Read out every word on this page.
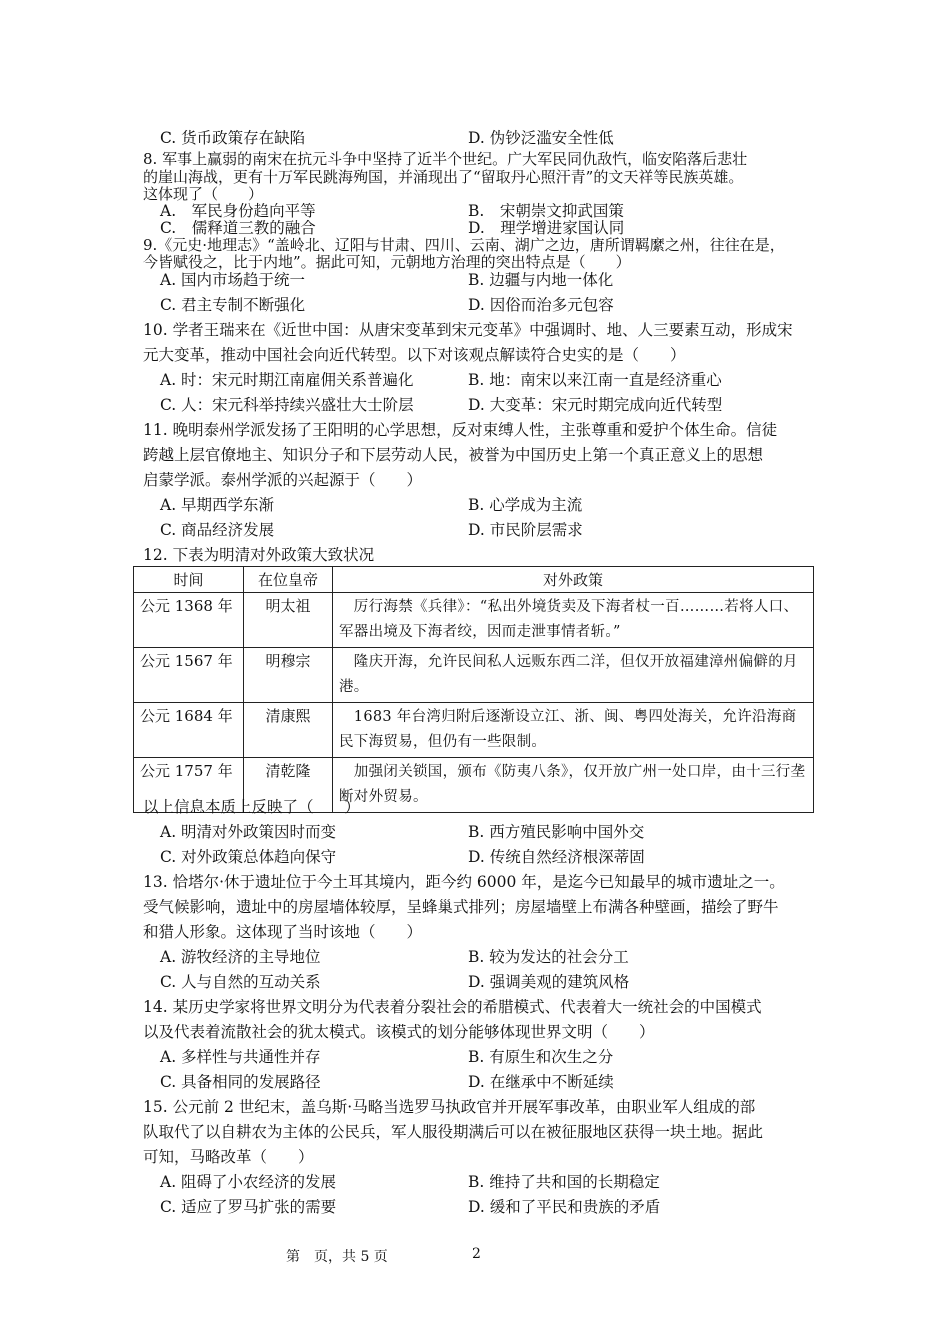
C. 货币政策存在缺陷	D. 伪钞泛滥安全性低
8. 军事上赢弱的南宋在抗元斗争中坚持了近半个世纪。广大军民同仇敌忾，临安陷落后悲壮
的崖山海战，更有十万军民跳海殉国，并涌现出了“留取丹心照汗青”的文天祥等民族英雄。
这体现了（　　）
A.　军民身份趋向平等	B.　宋朝崇文抑武国策
C.　儒释道三教的融合	D.　理学增进家国认同
9.《元史·地理志》“盖岭北、辽阳与甘肃、四川、云南、湖广之边，唐所谓羁縻之州，往往在是，
今皆赋役之，比于内地”。据此可知，元朝地方治理的突出特点是（　　）
A. 国内市场趋于统一	B. 边疆与内地一体化
C. 君主专制不断强化	D. 因俗而治多元包容
10. 学者王瑞来在《近世中国：从唐宋变革到宋元变革》中强调时、地、人三要素互动，形成宋
元大变革，推动中国社会向近代转型。以下对该观点解读符合史实的是（　　）
A. 时：宋元时期江南雇佣关系普遍化	B. 地：南宋以来江南一直是经济重心
C. 人：宋元科举持续兴盛壮大士阶层	D. 大变革：宋元时期完成向近代转型
11. 晚明泰州学派发扬了王阳明的心学思想，反对束缚人性，主张尊重和爱护个体生命。信徒
跨越上层官僚地主、知识分子和下层劳动人民，被誉为中国历史上第一个真正意义上的思想
启蒙学派。泰州学派的兴起源于（　　）
A. 早期西学东渐	B. 心学成为主流
C. 商品经济发展	D. 市民阶层需求
12. 下表为明清对外政策大致状况
时间	在位皇帝	对外政策
公元 1368 年	明太祖	　厉行海禁《兵律》：“私出外境货卖及下海者杖一百………若将人口、军器出境及下海者绞，因而走泄事情者斩。”
公元 1567 年	明穆宗	　隆庆开海，允许民间私人远贩东西二洋，但仅开放福建漳州偏僻的月港。
公元 1684 年	清康熙	　1683 年台湾归附后逐渐设立江、浙、闽、粤四处海关，允许沿海商民下海贸易，但仍有一些限制。
公元 1757 年	清乾隆	　加强闭关锁国，颁布《防夷八条》，仅开放广州一处口岸，由十三行垄断对外贸易。
以上信息本质上反映了（　　）
A. 明清对外政策因时而变	B. 西方殖民影响中国外交
C. 对外政策总体趋向保守	D. 传统自然经济根深蒂固
13. 恰塔尔·休于遗址位于今土耳其境内，距今约 6000 年，是迄今已知最早的城市遗址之一。
受气候影响，遗址中的房屋墙体较厚，呈蜂巢式排列；房屋墙壁上布满各种壁画，描绘了野牛
和猎人形象。这体现了当时该地（　　）
A. 游牧经济的主导地位	B. 较为发达的社会分工
C. 人与自然的互动关系	D. 强调美观的建筑风格
14. 某历史学家将世界文明分为代表着分裂社会的希腊模式、代表着大一统社会的中国模式
以及代表着流散社会的犹太模式。该模式的划分能够体现世界文明（　　）
A. 多样性与共通性并存	B. 有原生和次生之分
C. 具备相同的发展路径	D. 在继承中不断延续
15. 公元前 2 世纪末，盖乌斯·马略当选罗马执政官并开展军事改革，由职业军人组成的部
队取代了以自耕农为主体的公民兵，军人服役期满后可以在被征服地区获得一块土地。据此
可知，马略改革（　　）
A. 阻碍了小农经济的发展	B. 维持了共和国的长期稳定
C. 适应了罗马扩张的需要	D. 缓和了平民和贵族的矛盾
第　页，共 5 页	2
